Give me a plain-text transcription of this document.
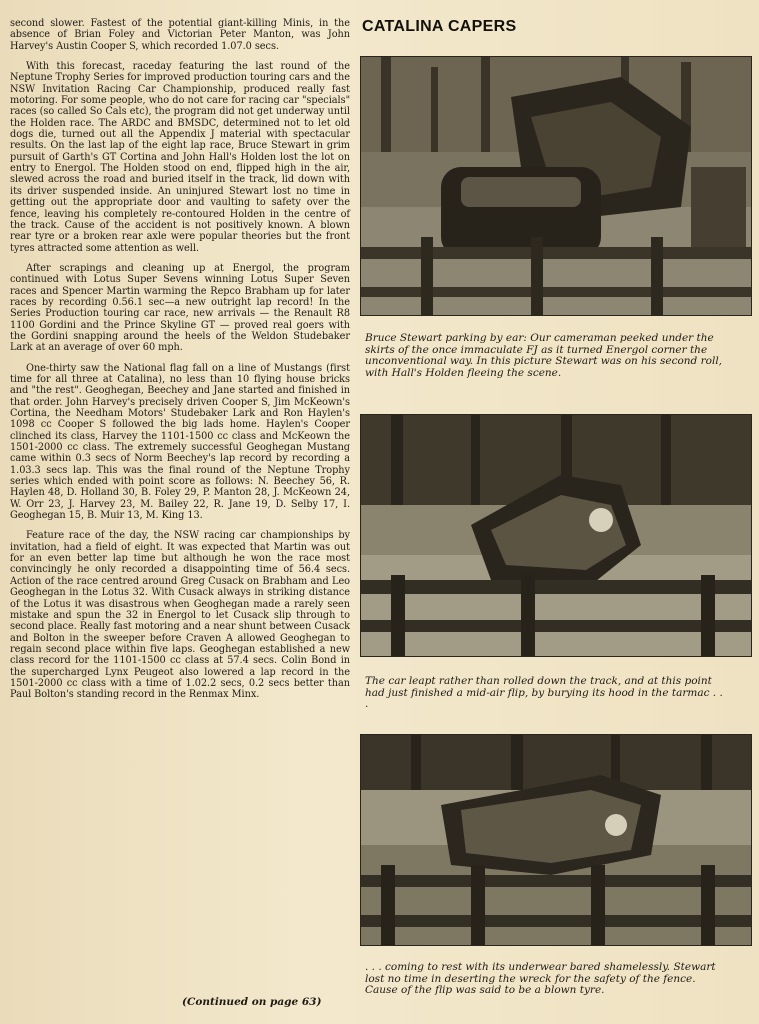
second slower. Fastest of the potential giant-killing Minis, in the absence of Brian Foley and Victorian Peter Manton, was John Harvey's Austin Cooper S, which recorded 1.07.0 secs.

With this forecast, raceday featuring the last round of the Neptune Trophy Series for improved production touring cars and the NSW Invitation Racing Car Championship, produced really fast motoring. For some people, who do not care for racing car "specials" races (so called So Cals etc), the program did not get underway until the Holden race. The ARDC and BMSDC, determined not to let old dogs die, turned out all the Appendix J material with spectacular results. On the last lap of the eight lap race, Bruce Stewart in grim pursuit of Garth's GT Cortina and John Hall's Holden lost the lot on entry to Energol. The Holden stood on end, flipped high in the air, slewed across the road and buried itself in the track, lid down with its driver suspended inside. An uninjured Stewart lost no time in getting out the appropriate door and vaulting to safety over the fence, leaving his completely re-contoured Holden in the centre of the track. Cause of the accident is not positively known. A blown rear tyre or a broken rear axle were popular theories but the front tyres attracted some attention as well.

After scrapings and cleaning up at Energol, the program continued with Lotus Super Sevens winning Lotus Super Seven races and Spencer Martin warming the Repco Brabham up for later races by recording 0.56.1 sec—a new outright lap record! In the Series Production touring car race, new arrivals — the Renault R8 1100 Gordini and the Prince Skyline GT — proved real goers with the Gordini snapping around the heels of the Weldon Studebaker Lark at an average of over 60 mph.

One-thirty saw the National flag fall on a line of Mustangs (first time for all three at Catalina), no less than 10 flying house bricks and "the rest". Geoghegan, Beechey and Jane started and finished in that order. John Harvey's precisely driven Cooper S, Jim McKeown's Cortina, the Needham Motors' Studebaker Lark and Ron Haylen's 1098 cc Cooper S followed the big lads home. Haylen's Cooper clinched its class, Harvey the 1101-1500 cc class and McKeown the 1501-2000 cc class. The extremely successful Geoghegan Mustang came within 0.3 secs of Norm Beechey's lap record by recording a 1.03.3 secs lap. This was the final round of the Neptune Trophy series which ended with point score as follows: N. Beechey 56, R. Haylen 48, D. Holland 30, B. Foley 29, P. Manton 28, J. McKeown 24, W. Orr 23, J. Harvey 23, M. Bailey 22, R. Jane 19, D. Selby 17, I. Geoghegan 15, B. Muir 13, M. King 13.

Feature race of the day, the NSW racing car championships by invitation, had a field of eight. It was expected that Martin was out for an even better lap time but although he won the race most convincingly he only recorded a disappointing time of 56.4 secs. Action of the race centred around Greg Cusack on Brabham and Leo Geoghegan in the Lotus 32. With Cusack always in striking distance of the Lotus it was disastrous when Geoghegan made a rarely seen mistake and spun the 32 in Energol to let Cusack slip through to second place. Really fast motoring and a near shunt between Cusack and Bolton in the sweeper before Craven A allowed Geoghegan to regain second place within five laps. Geoghegan established a new class record for the 1101-1500 cc class at 57.4 secs. Colin Bond in the supercharged Lynx Peugeot also lowered a lap record in the 1501-2000 cc class with a time of 1.02.2 secs, 0.2 secs better than Paul Bolton's standing record in the Renmax Minx.

(Continued on page 63)
CATALINA CAPERS
Bruce Stewart parking by ear: Our cameraman peeked under the skirts of the once immaculate FJ as it turned Energol corner the unconventional way. In this picture Stewart was on his second roll, with Hall's Holden fleeing the scene.
The car leapt rather than rolled down the track, and at this point had just finished a mid-air flip, by burying its hood in the tarmac . . .
. . . coming to rest with its underwear bared shamelessly. Stewart lost no time in deserting the wreck for the safety of the fence. Cause of the flip was said to be a blown tyre.
